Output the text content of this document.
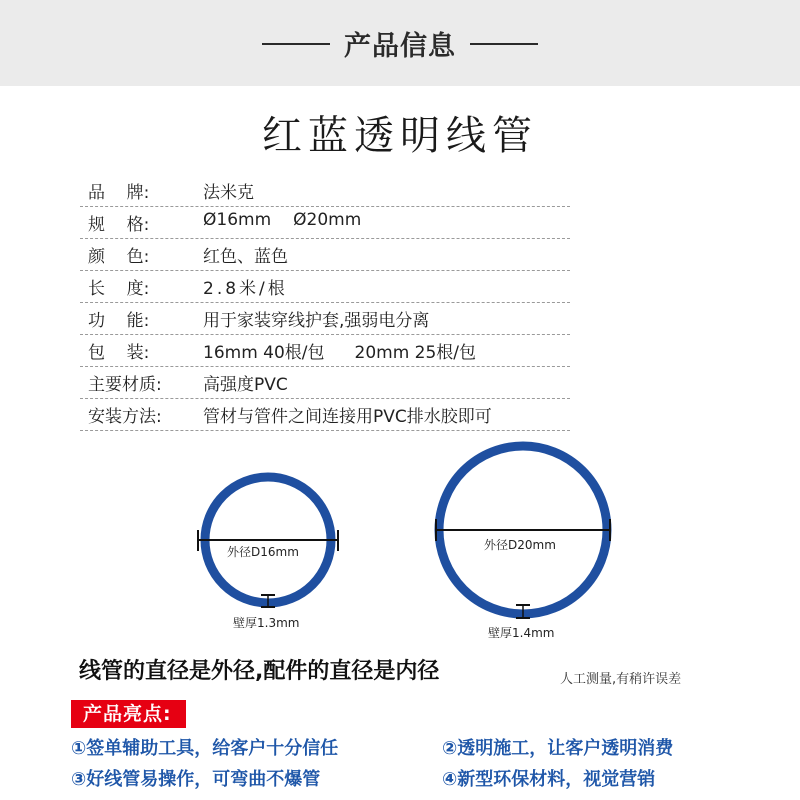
产品信息
红蓝透明线管
品    牌:	法米克
规    格:	Ø16mm Ø20mm
颜    色:	红色、蓝色
长    度:	2.8米/根
功    能:	用于家装穿线护套,强弱电分离
包    装:	16mm 40根/包 20mm 25根/包
主要材质: 高强度PVC
安装方法: 管材与管件之间连接用PVC排水胶即可
外径D16mm
壁厚1.3mm
外径D20mm
壁厚1.4mm
线管的直径是外径,配件的直径是内径	人工测量,有稍许误差
产品亮点:
①签单辅助工具，给客户十分信任	②透明施工，让客户透明消费
③好线管易操作，可弯曲不爆管	④新型环保材料，视觉营销
